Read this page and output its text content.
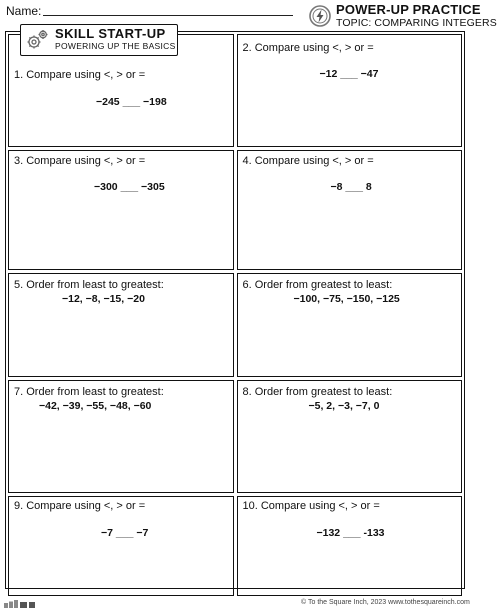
Name:	POWER-UP PRACTICE
TOPIC: COMPARING INTEGERS
SKILL START-UP
POWERING UP THE BASICS
1. Compare using <, > or =
−245 ___ −198
2. Compare using <, > or =
−12 ___ −47
3. Compare using <, > or =
−300 ___ −305
4. Compare using <, > or =
−8 ___ 8
5. Order from least to greatest:
−12, −8, −15, −20
6. Order from greatest to least:
−100, −75, −150, −125
7. Order from least to greatest:
−42, −39, −55, −48, −60
8. Order from greatest to least:
−5, 2, −3, −7, 0
9. Compare using <, > or =
−7 ___ −7
10. Compare using <, > or =
−132 ___ -133
© To the Square Inch, 2023 www.tothesquareinch.com
